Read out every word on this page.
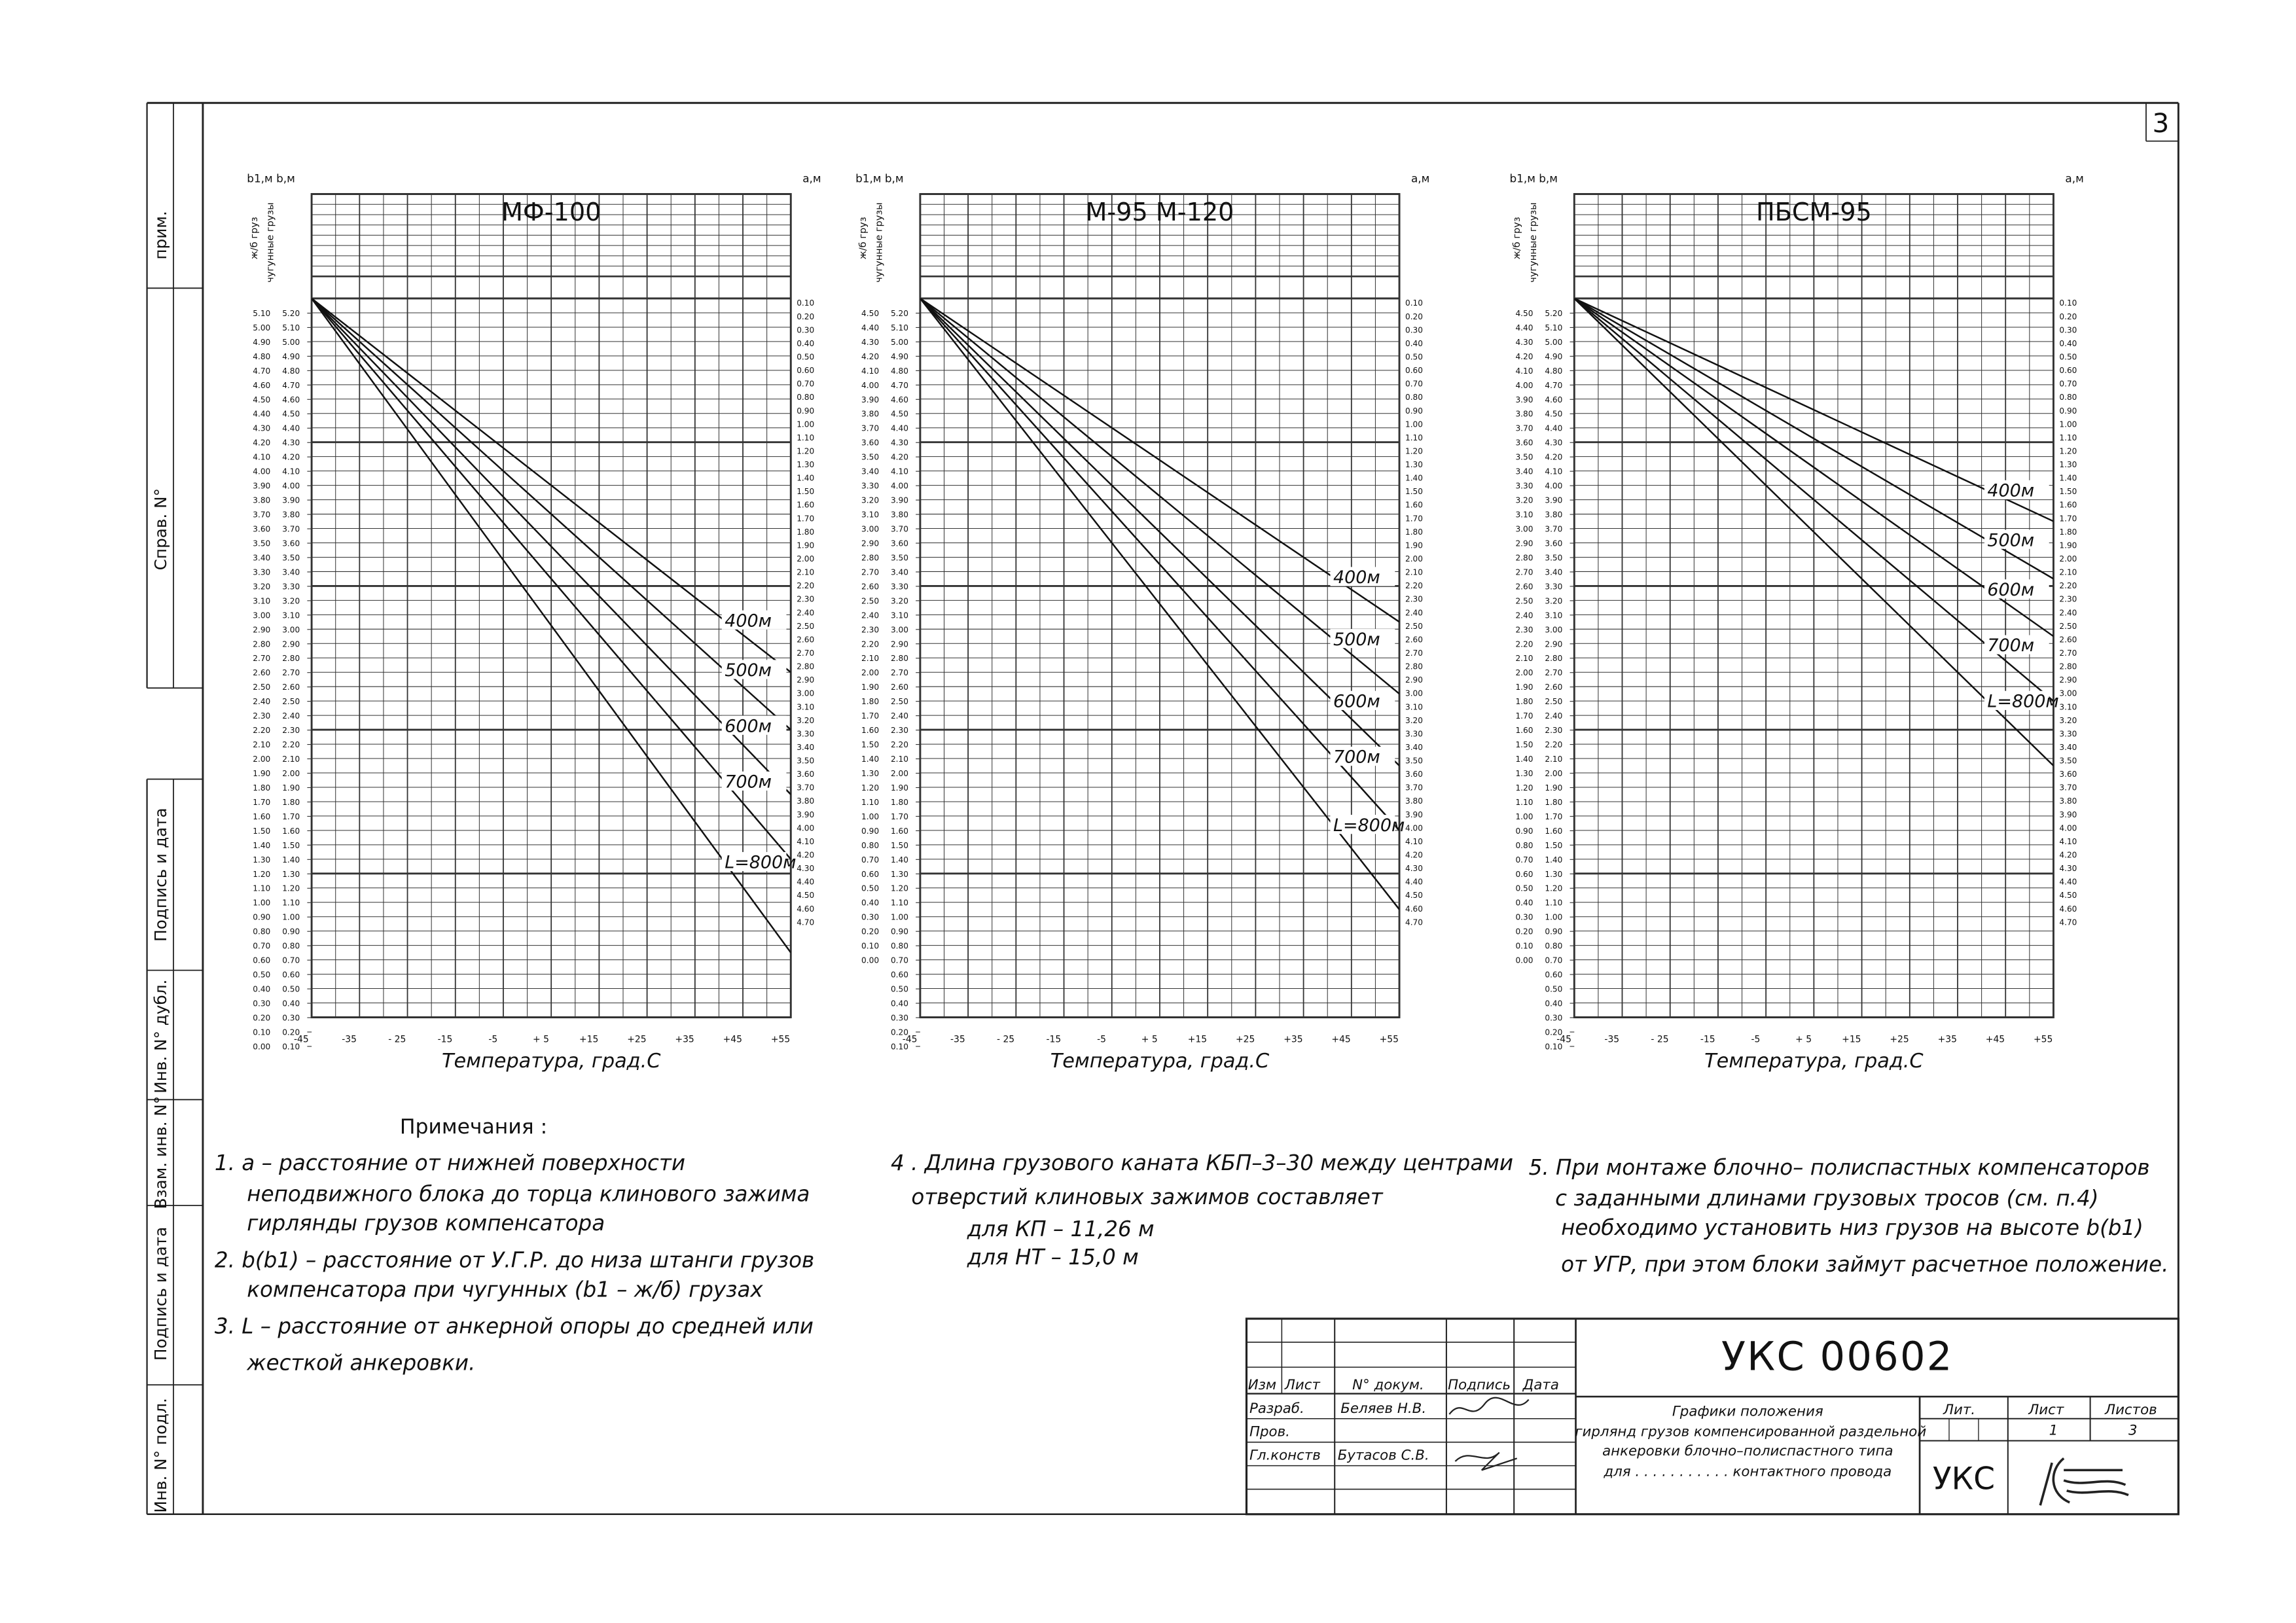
3
прим.
Справ. N°
Подпись и дата
Инв. N° дубл.
Взам. инв. N°
Подпись и дата
Инв. N° подл.
МФ-100
b1,м b,м	а,м
ж/б груз чугунные грузы
5.10
5.00
4.90
4.80
4.70
4.60
4.50
4.40
4.30
4.20
4.10
4.00
3.90
3.80
3.70
3.60
3.50
3.40
3.30
3.20
3.10
3.00
2.90
2.80
2.70
2.60
2.50
2.40
2.30
2.20
2.10
2.00
1.90
1.80
1.70
1.60
1.50
1.40
1.30
1.20
1.10
1.00
0.90
0.80
0.70
0.60
0.50
0.40
0.30
0.20
0.10
0.00
5.20
5.10
5.00
4.90
4.80
4.70
4.60
4.50
4.40
4.30
4.20
4.10
4.00
3.90
3.80
3.70
3.60
3.50
3.40
3.30
3.20
3.10
3.00
2.90
2.80
2.70
2.60
2.50
2.40
2.30
2.20
2.10
2.00
1.90
1.80
1.70
1.60
1.50
1.40
1.30
1.20
1.10
1.00
0.90
0.80
0.70
0.60
0.50
0.40
0.30
0.20
0.10
0.10
0.20
0.30
0.40
0.50
0.60
0.70
0.80
0.90
1.00
1.10
1.20
1.30
1.40
1.50
1.60
1.70
1.80
1.90
2.00
2.10
2.20
2.30
2.40
2.50
2.60
2.70
2.80
2.90
3.00
3.10
3.20
3.30
3.40
3.50
3.60
3.70
3.80
3.90
4.00
4.10
4.20
4.30
4.40
4.50
4.60
4.70
-45	-35	- 25	-15	-5	+ 5	+15	+25	+35	+45	+55
Температура, град.С
400м
500м
600м
700м
L=800м
М-95 М-120
b1,м b,м	а,м
ж/б груз чугунные грузы
4.50
4.40
4.30
4.20
4.10
4.00
3.90
3.80
3.70
3.60
3.50
3.40
3.30
3.20
3.10
3.00
2.90
2.80
2.70
2.60
2.50
2.40
2.30
2.20
2.10
2.00
1.90
1.80
1.70
1.60
1.50
1.40
1.30
1.20
1.10
1.00
0.90
0.80
0.70
0.60
0.50
0.40
0.30
0.20
0.10
0.00
5.20
5.10
5.00
4.90
4.80
4.70
4.60
4.50
4.40
4.30
4.20
4.10
4.00
3.90
3.80
3.70
3.60
3.50
3.40
3.30
3.20
3.10
3.00
2.90
2.80
2.70
2.60
2.50
2.40
2.30
2.20
2.10
2.00
1.90
1.80
1.70
1.60
1.50
1.40
1.30
1.20
1.10
1.00
0.90
0.80
0.70
0.60
0.50
0.40
0.30
0.20
0.10
0.10
0.20
0.30
0.40
0.50
0.60
0.70
0.80
0.90
1.00
1.10
1.20
1.30
1.40
1.50
1.60
1.70
1.80
1.90
2.00
2.10
2.20
2.30
2.40
2.50
2.60
2.70
2.80
2.90
3.00
3.10
3.20
3.30
3.40
3.50
3.60
3.70
3.80
3.90
4.00
4.10
4.20
4.30
4.40
4.50
4.60
4.70
-45	-35	- 25	-15	-5	+ 5	+15	+25	+35	+45	+55
Температура, град.С
400м
500м
600м
700м
L=800м
ПБСМ-95
b1,м b,м	а,м
ж/б груз чугунные грузы
4.50
4.40
4.30
4.20
4.10
4.00
3.90
3.80
3.70
3.60
3.50
3.40
3.30
3.20
3.10
3.00
2.90
2.80
2.70
2.60
2.50
2.40
2.30
2.20
2.10
2.00
1.90
1.80
1.70
1.60
1.50
1.40
1.30
1.20
1.10
1.00
0.90
0.80
0.70
0.60
0.50
0.40
0.30
0.20
0.10
0.00
5.20
5.10
5.00
4.90
4.80
4.70
4.60
4.50
4.40
4.30
4.20
4.10
4.00
3.90
3.80
3.70
3.60
3.50
3.40
3.30
3.20
3.10
3.00
2.90
2.80
2.70
2.60
2.50
2.40
2.30
2.20
2.10
2.00
1.90
1.80
1.70
1.60
1.50
1.40
1.30
1.20
1.10
1.00
0.90
0.80
0.70
0.60
0.50
0.40
0.30
0.20
0.10
0.10
0.20
0.30
0.40
0.50
0.60
0.70
0.80
0.90
1.00
1.10
1.20
1.30
1.40
1.50
1.60
1.70
1.80
1.90
2.00
2.10
2.20
2.30
2.40
2.50
2.60
2.70
2.80
2.90
3.00
3.10
3.20
3.30
3.40
3.50
3.60
3.70
3.80
3.90
4.00
4.10
4.20
4.30
4.40
4.50
4.60
4.70
-45	-35	- 25	-15	-5	+ 5	+15	+25	+35	+45	+55
Температура, град.С
400м
500м
600м
700м
L=800м
Примечания :
1. а – расстояние от нижней поверхности
неподвижного блока до торца клинового зажима
гирлянды грузов компенсатора
2. b(b1) – расстояние от У.Г.Р. до низа штанги грузов
компенсатора при чугунных (b1 – ж/б) грузах
3. L – расстояние от анкерной опоры до средней или
жесткой анкеровки.
4 . Длина грузового каната КБП–3–30 между центрами
отверстий клиновых зажимов составляет
для КП – 11,26 м
для НТ – 15,0 м
5. При монтаже блочно– полиспастных компенсаторов
с заданными длинами грузовых тросов (см. п.4)
необходимо установить низ грузов на высоте b(b1)
от УГР, при этом блоки займут расчетное положение.
УКС 00602
Изм Лист	N° докум.	Подпись Дата
Разраб.	Беляев Н.В.
Пров.
Гл.конств	Бутасов С.В.
Графики положения
гирлянд грузов компенсированной раздельной
анкеровки блочно–полиспастного типа
для . . . . . . . . . . . контактного провода
Лит.	Лист	Листов
1	3
УКС
